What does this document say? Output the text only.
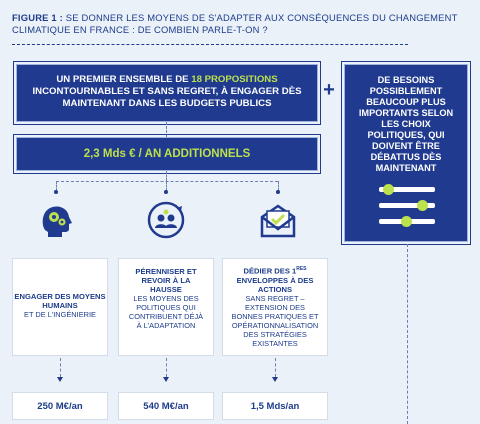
FIGURE 1 : SE DONNER LES MOYENS DE S'ADAPTER AUX CONSÉQUENCES DU CHANGEMENT CLIMATIQUE EN FRANCE : DE COMBIEN PARLE-T-ON ?
UN PREMIER ENSEMBLE DE 18 PROPOSITIONS
INCONTOURNABLES ET SANS REGRET, À ENGAGER DÈS MAINTENANT DANS LES BUDGETS PUBLICS
2,3 Mds € / AN ADDITIONNELS
+	DE BESOINS POSSIBLEMENT BEAUCOUP PLUS IMPORTANTS SELON LES CHOIX POLITIQUES, QUI DOIVENT ÊTRE DÉBATTUS DÈS MAINTENANT
ENGAGER DES MOYENS HUMAINS
ET DE L'INGÉNIERIE
PÉRENNISER ET REVOIR À LA HAUSSE
LES MOYENS DES POLITIQUES QUI CONTRIBUENT DÉJÀ À L'ADAPTATION
DÉDIER DES 1RES ENVELOPPES À DES ACTIONS
SANS REGRET – EXTENSION DES BONNES PRATIQUES ET OPÉRATIONNALISATION DES STRATÉGIES EXISTANTES
250 M€/an	540 M€/an	1,5 Mds/an
